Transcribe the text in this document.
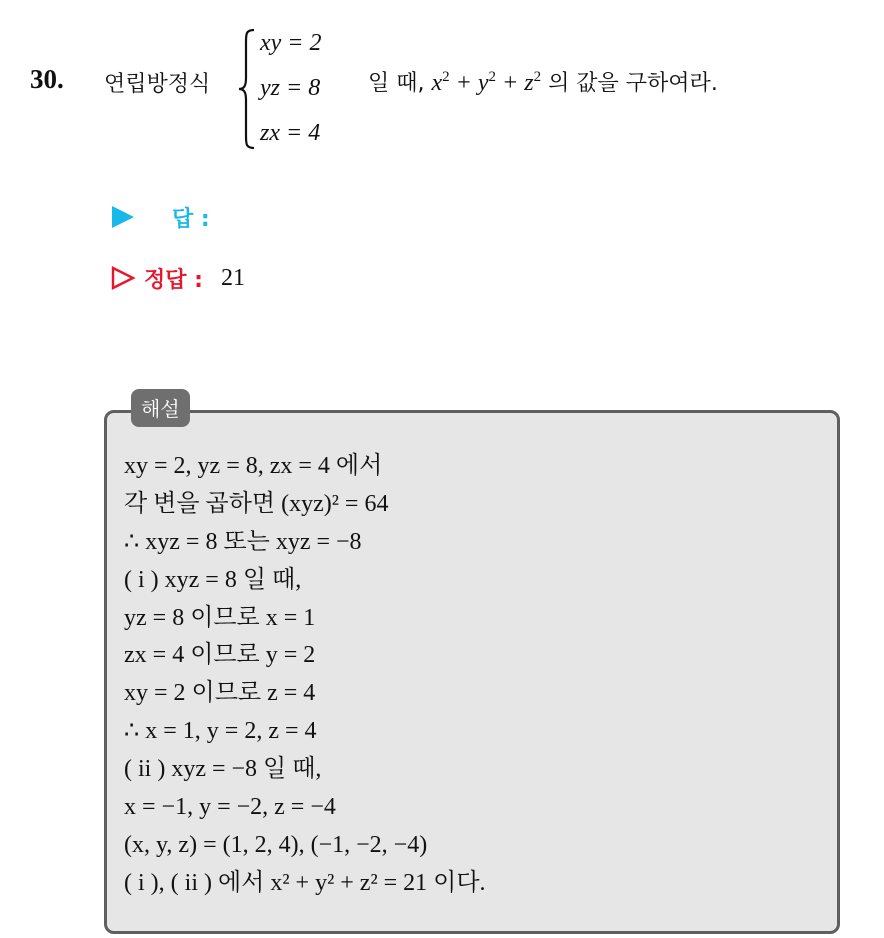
30. 연립방정식
xy = 2
yz = 8
zx = 4
일 때, $x^2 + y^2 + z^2$ 의 값을 구하여라.
답 :
정답 : 21
해설
xy = 2, yz = 8, zx = 4 에서
각 변을 곱하면 (xyz)² = 64
∴ xyz = 8 또는 xyz = −8
( i ) xyz = 8 일 때,
yz = 8 이므로 x = 1
zx = 4 이므로 y = 2
xy = 2 이므로 z = 4
∴ x = 1, y = 2, z = 4
( ii ) xyz = −8 일 때,
x = −1, y = −2, z = −4
(x, y, z) = (1, 2, 4), (−1, −2, −4)
( i ), ( ii ) 에서 x² + y² + z² = 21 이다.
